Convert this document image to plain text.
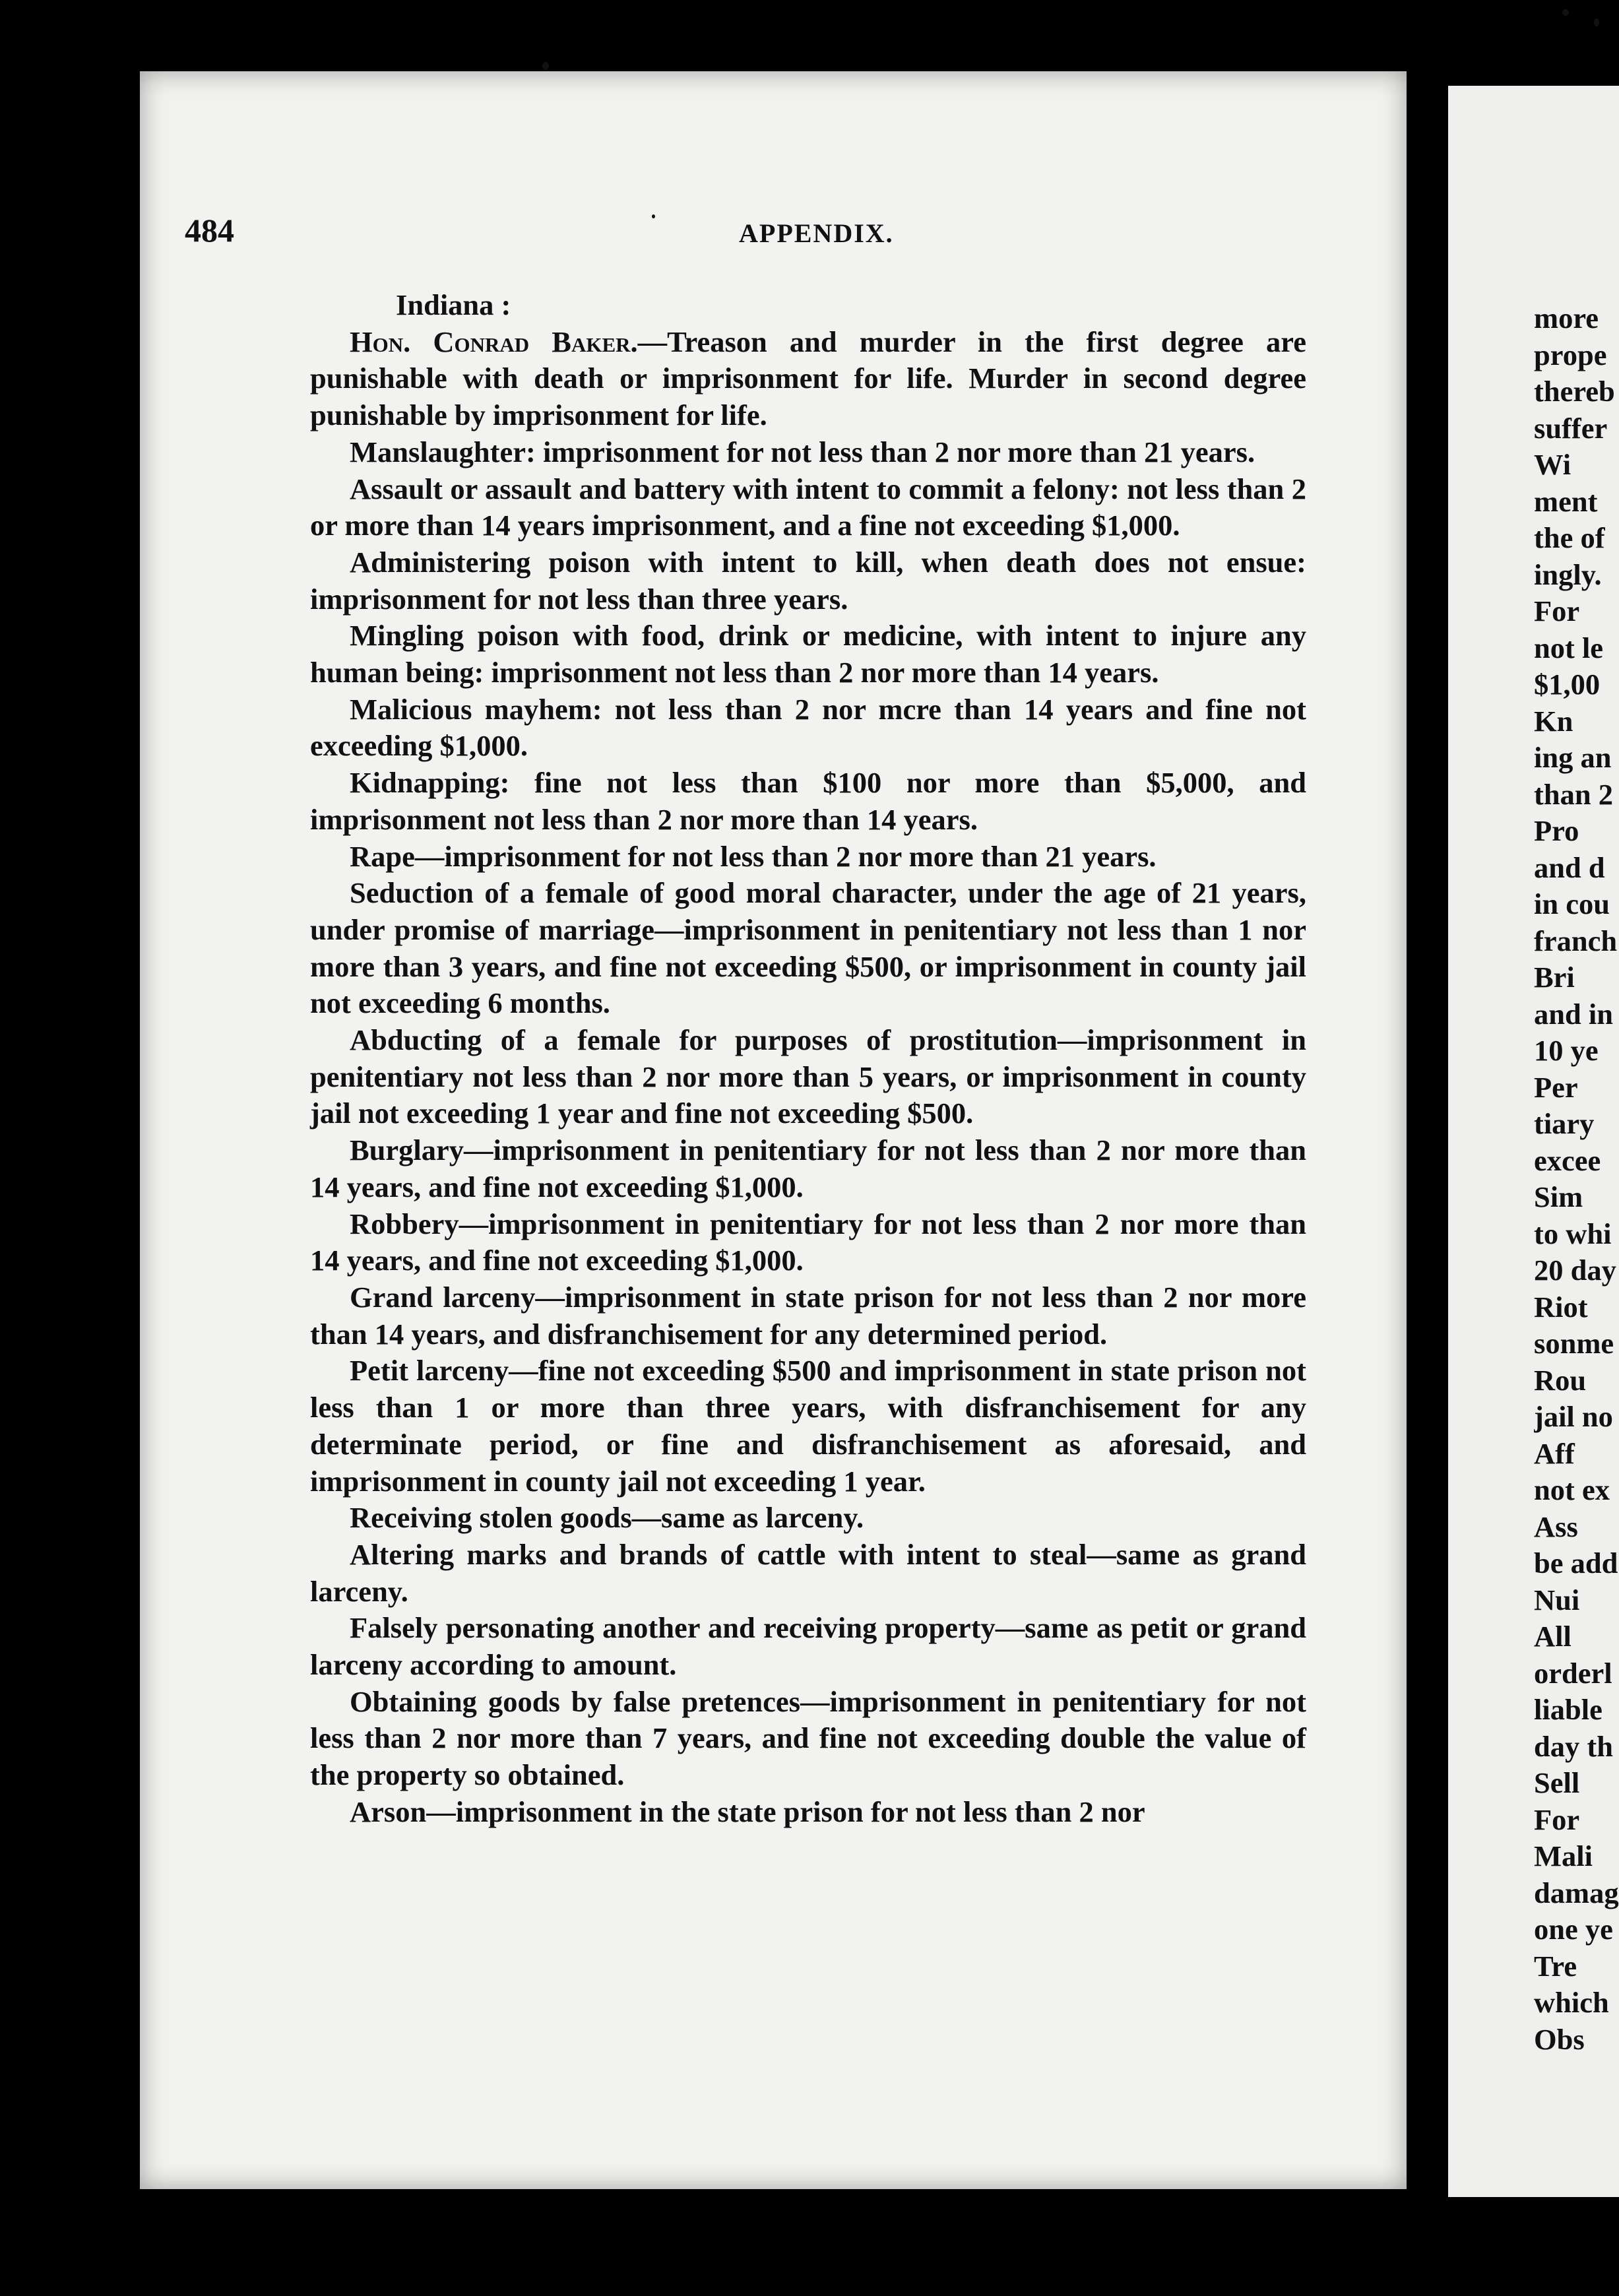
484	APPENDIX.

Indiana :

Hon. Conrad Baker.—Treason and murder in the first degree are punishable with death or imprisonment for life. Murder in second degree punishable by imprisonment for life.

Manslaughter: imprisonment for not less than 2 nor more than 21 years.

Assault or assault and battery with intent to commit a felony: not less than 2 or more than 14 years imprisonment, and a fine not exceeding $1,000.

Administering poison with intent to kill, when death does not ensue: imprisonment for not less than three years.

Mingling poison with food, drink or medicine, with intent to injure any human being: imprisonment not less than 2 nor more than 14 years.

Malicious mayhem: not less than 2 nor mcre than 14 years and fine not exceeding $1,000.

Kidnapping: fine not less than $100 nor more than $5,000, and imprisonment not less than 2 nor more than 14 years.

Rape—imprisonment for not less than 2 nor more than 21 years.

Seduction of a female of good moral character, under the age of 21 years, under promise of marriage—imprisonment in penitentiary not less than 1 nor more than 3 years, and fine not exceeding $500, or imprisonment in county jail not exceeding 6 months.

Abducting of a female for purposes of prostitution—imprisonment in penitentiary not less than 2 nor more than 5 years, or imprisonment in county jail not exceeding 1 year and fine not exceeding $500.

Burglary—imprisonment in penitentiary for not less than 2 nor more than 14 years, and fine not exceeding $1,000.

Robbery—imprisonment in penitentiary for not less than 2 nor more than 14 years, and fine not exceeding $1,000.

Grand larceny—imprisonment in state prison for not less than 2 nor more than 14 years, and disfranchisement for any determined period.

Petit larceny—fine not exceeding $500 and imprisonment in state prison not less than 1 or more than three years, with disfranchisement for any determinate period, or fine and disfranchisement as aforesaid, and imprisonment in county jail not exceeding 1 year.

Receiving stolen goods—same as larceny.

Altering marks and brands of cattle with intent to steal—same as grand larceny.

Falsely personating another and receiving property—same as petit or grand larceny according to amount.

Obtaining goods by false pretences—imprisonment in penitentiary for not less than 2 nor more than 7 years, and fine not exceeding double the value of the property so obtained.

Arson—imprisonment in the state prison for not less than 2 nor

more
prope
thereb
suffer
Wi
ment
the of
ingly.
For
not le
$1,00
Kn
ing an
than 2
Pro
and d
in cou
franch
Bri
and in
10 ye
Per
tiary
excee
Sim
to whi
20 day
Riot
sonme
Rou
jail no
Aff
not ex
Ass
be add
Nui
All
orderl
liable
day th
Sell
For
Mali
damag
one ye
Tre
which
Obs
